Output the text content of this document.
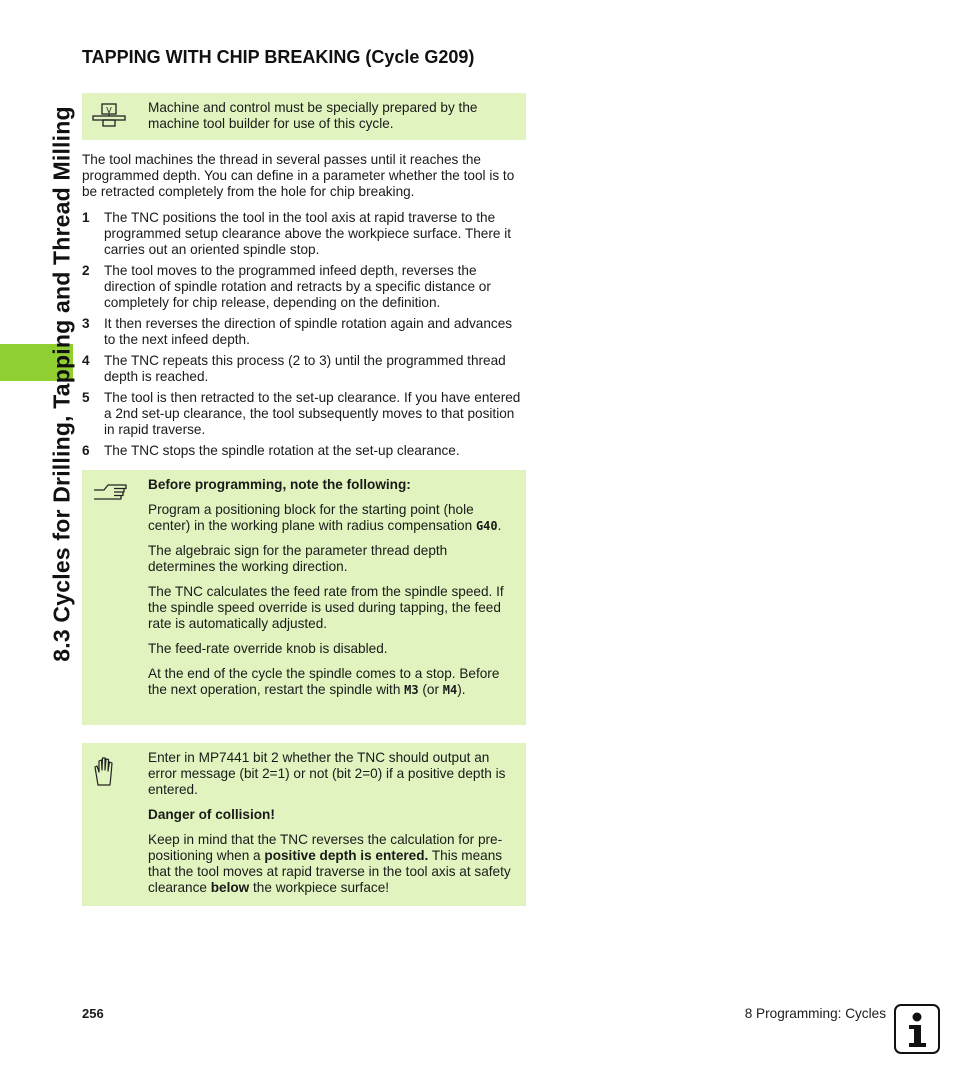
8.3 Cycles for Drilling, Tapping and Thread Milling
TAPPING WITH CHIP BREAKING (Cycle G209)
V	Machine and control must be specially prepared by the machine tool builder for use of this cycle.

The tool machines the thread in several passes until it reaches the programmed depth. You can define in a parameter whether the tool is to be retracted completely from the hole for chip breaking.

1 The TNC positions the tool in the tool axis at rapid traverse to the programmed setup clearance above the workpiece surface. There it carries out an oriented spindle stop.
2 The tool moves to the programmed infeed depth, reverses the direction of spindle rotation and retracts by a specific distance or completely for chip release, depending on the definition.
3 It then reverses the direction of spindle rotation again and advances to the next infeed depth.
4 The TNC repeats this process (2 to 3) until the programmed thread depth is reached.
5 The tool is then retracted to the set-up clearance. If you have entered a 2nd set-up clearance, the tool subsequently moves to that position in rapid traverse.
6 The TNC stops the spindle rotation at the set-up clearance.

Before programming, note the following:

Program a positioning block for the starting point (hole center) in the working plane with radius compensation G40.

The algebraic sign for the parameter thread depth determines the working direction.

The TNC calculates the feed rate from the spindle speed. If the spindle speed override is used during tapping, the feed rate is automatically adjusted.

The feed-rate override knob is disabled.

At the end of the cycle the spindle comes to a stop. Before the next operation, restart the spindle with M3 (or M4).

Enter in MP7441 bit 2 whether the TNC should output an error message (bit 2=1) or not (bit 2=0) if a positive depth is entered.

Danger of collision!

Keep in mind that the TNC reverses the calculation for pre-positioning when a positive depth is entered. This means that the tool moves at rapid traverse in the tool axis at safety clearance below the workpiece surface!

256	8 Programming: Cycles
